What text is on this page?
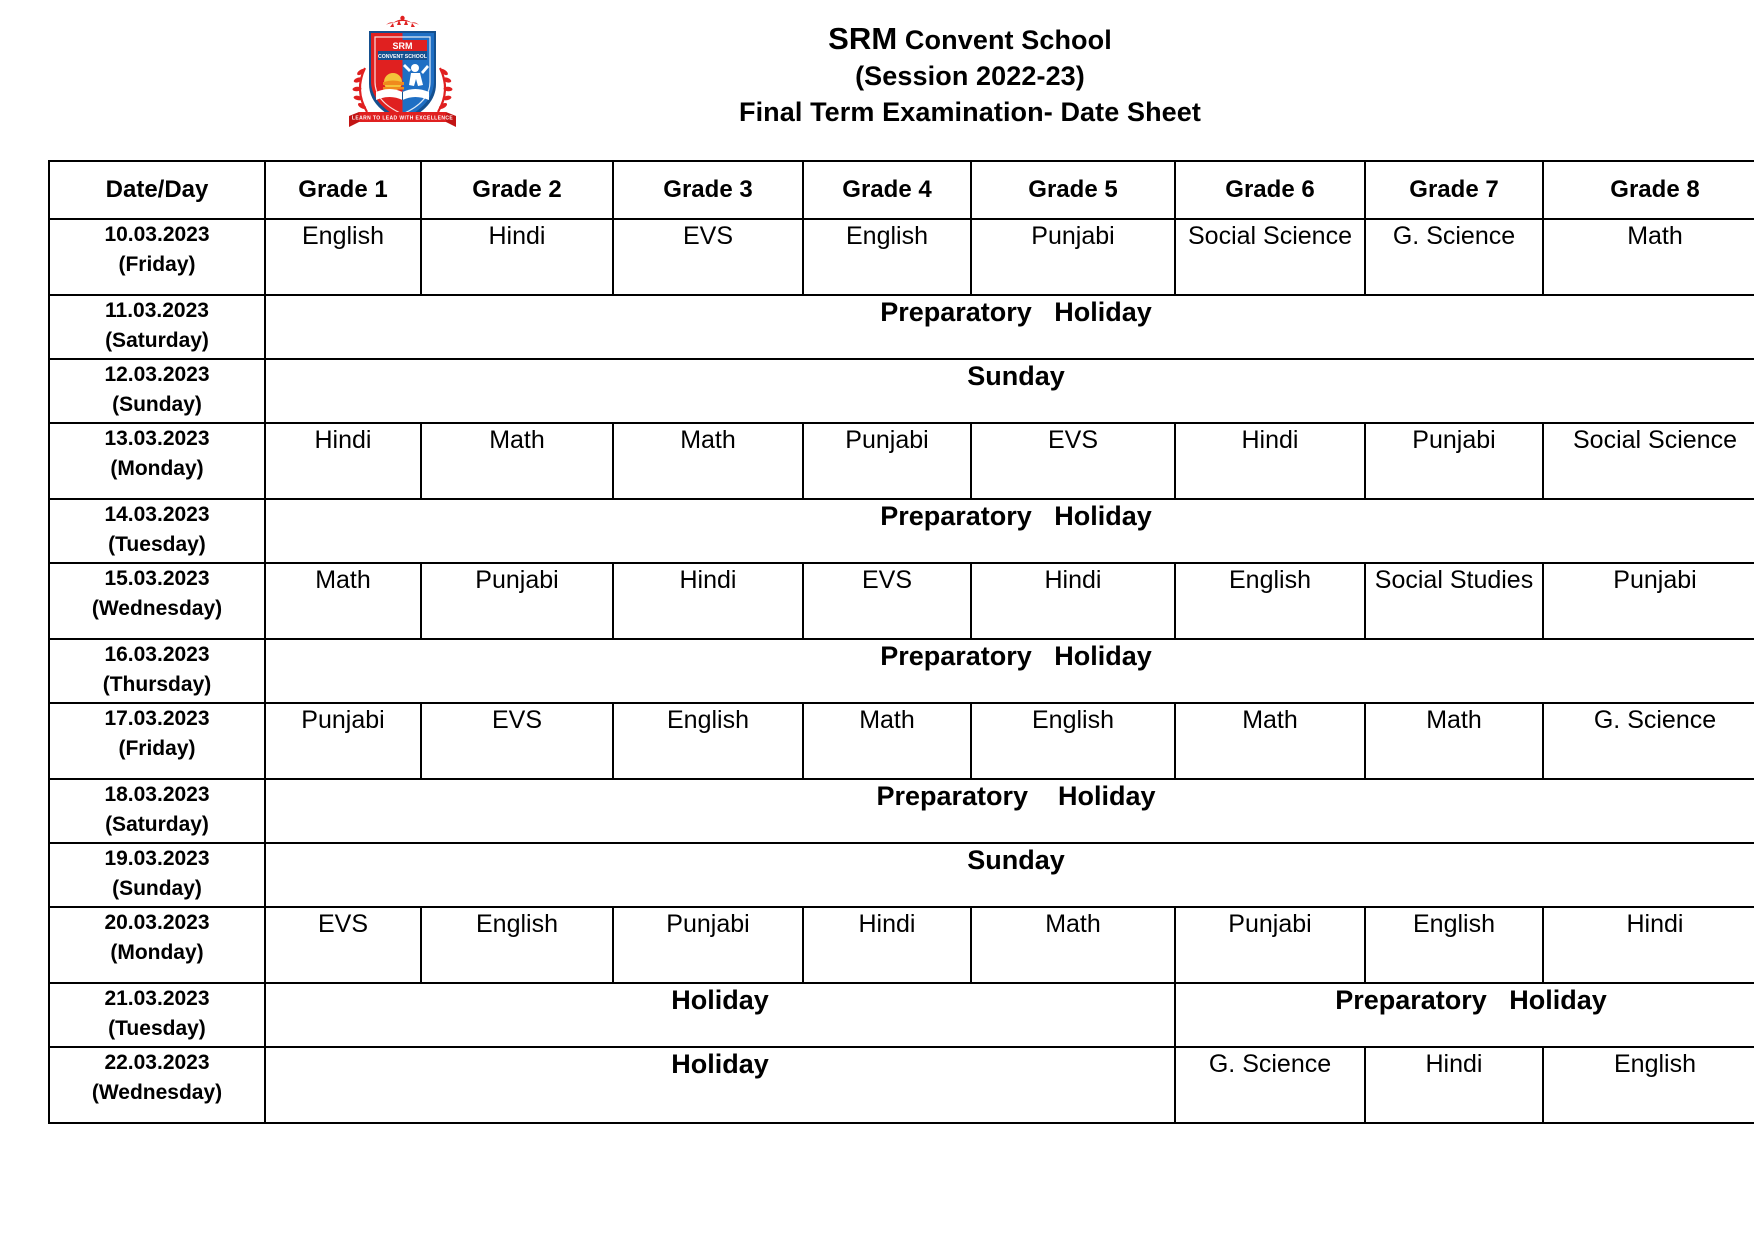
SRM
CONVENT SCHOOL
LEARN TO LEAD WITH EXCELLENCE
SRM Convent School
(Session 2022-23)
Final Term Examination- Date Sheet
Date/Day	Grade 1	Grade 2	Grade 3	Grade 4	Grade 5	Grade 6	Grade 7	Grade 8

10.03.2023
(Friday)	English	Hindi	EVS	English	Punjabi	Social Science	G. Science	Math
11.03.2023
(Saturday)	Preparatory   Holiday							
12.03.2023
(Sunday)	Sunday							
13.03.2023
(Monday)	Hindi	Math	Math	Punjabi	EVS	Hindi	Punjabi	Social Science
14.03.2023
(Tuesday)	Preparatory   Holiday							
15.03.2023
(Wednesday)	Math	Punjabi	Hindi	EVS	Hindi	English	Social Studies	Punjabi
16.03.2023
(Thursday)	Preparatory   Holiday							
17.03.2023
(Friday)	Punjabi	EVS	English	Math	English	Math	Math	G. Science
18.03.2023
(Saturday)	Preparatory    Holiday							
19.03.2023
(Sunday)	Sunday							
20.03.2023
(Monday)	EVS	English	Punjabi	Hindi	Math	Punjabi	English	Hindi
21.03.2023
(Tuesday)	Holiday					Preparatory   Holiday		
22.03.2023
(Wednesday)	Holiday					G. Science	Hindi	English
